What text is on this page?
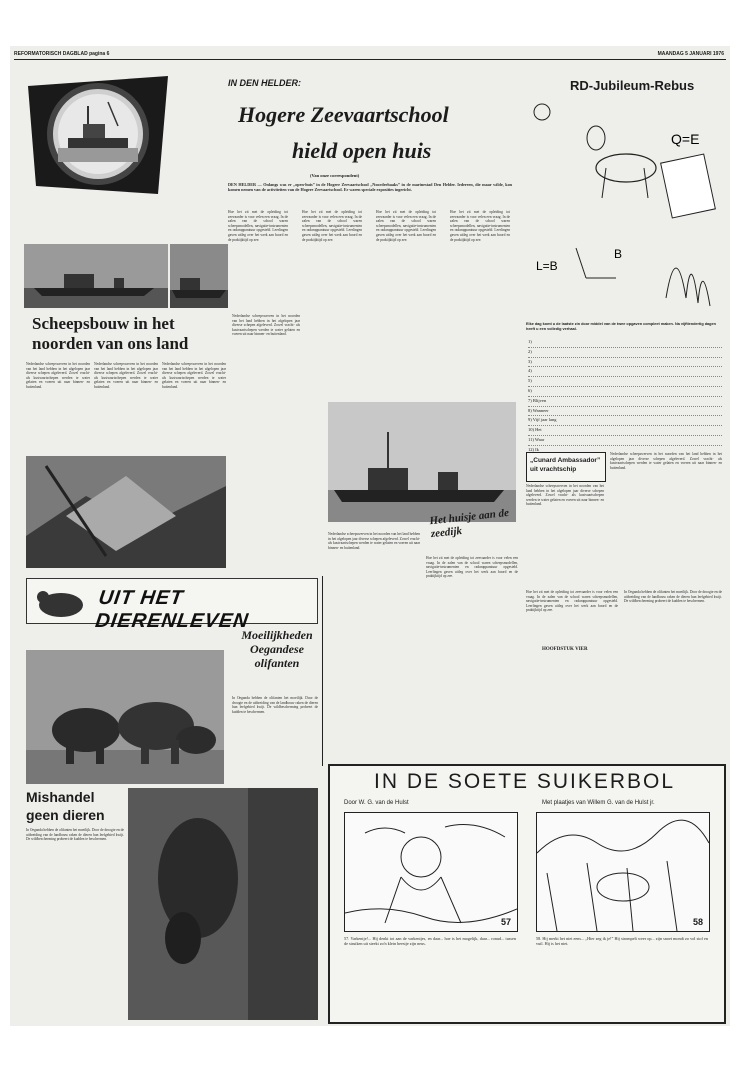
REFORMATORISCH DAGBLAD pagina 6	MAANDAG 5 JANUARI 1976
IN DEN HELDER:
Hogere Zeevaartschool
hield open huis
(Van onze correspondent)
DEN HELDER — Onlangs was er „open-huis” in de Hogere Zeevaartschool „Noorderhaaks” in de marinestad Den Helder. Iedereen, die maar wilde, kon komen nemen van de activiteiten van de Hogere Zeevaartschool. Er waren speciale exposities ingericht.
Hoe het zit met de opleiding tot zeevaarder is voor velen een vraag. In de zalen van de school waren scheepsmodellen, navigatie-instrumenten en radarapparatuur opgesteld. Leerlingen gaven uitleg over het werk aan boord en de praktijktijd op zee.
Hoe het zit met de opleiding tot zeevaarder is voor velen een vraag. In de zalen van de school waren scheepsmodellen, navigatie-instrumenten en radarapparatuur opgesteld. Leerlingen gaven uitleg over het werk aan boord en de praktijktijd op zee.
Hoe het zit met de opleiding tot zeevaarder is voor velen een vraag. In de zalen van de school waren scheepsmodellen, navigatie-instrumenten en radarapparatuur opgesteld. Leerlingen gaven uitleg over het werk aan boord en de praktijktijd op zee.
Hoe het zit met de opleiding tot zeevaarder is voor velen een vraag. In de zalen van de school waren scheepsmodellen, navigatie-instrumenten en radarapparatuur opgesteld. Leerlingen gaven uitleg over het werk aan boord en de praktijktijd op zee.
Scheepsbouw in het noorden van ons land
Nederlandse scheepswerven in het noorden van het land hebben in het afgelopen jaar diverse schepen afgeleverd. Zowel vracht- als kustvaartschepen werden te water gelaten en voeren uit naar binnen- en buitenland.
Nederlandse scheepswerven in het noorden van het land hebben in het afgelopen jaar diverse schepen afgeleverd. Zowel vracht- als kustvaartschepen werden te water gelaten en voeren uit naar binnen- en buitenland.
Nederlandse scheepswerven in het noorden van het land hebben in het afgelopen jaar diverse schepen afgeleverd. Zowel vracht- als kustvaartschepen werden te water gelaten en voeren uit naar binnen- en buitenland.
Nederlandse scheepswerven in het noorden van het land hebben in het afgelopen jaar diverse schepen afgeleverd. Zowel vracht- als kustvaartschepen werden te water gelaten en voeren uit naar binnen- en buitenland.
UIT HET DIERENLEVEN
Moeilijkheden Oegandese olifanten
In Oeganda hebben de olifanten het moeilijk. Door de droogte en de uitbreiding van de landbouw raken de dieren hun leefgebied kwijt. De wildbescherming probeert de kudden te beschermen.
Mishandel geen dieren
In Oeganda hebben de olifanten het moeilijk. Door de droogte en de uitbreiding van de landbouw raken de dieren hun leefgebied kwijt. De wildbescherming probeert de kudden te beschermen.
Nederlandse scheepswerven in het noorden van het land hebben in het afgelopen jaar diverse schepen afgeleverd. Zowel vracht- als kustvaartschepen werden te water gelaten en voeren uit naar binnen- en buitenland.
Hoe het zit met de opleiding tot zeevaarder is voor velen een vraag. In de zalen van de school waren scheepsmodellen, navigatie-instrumenten en radarapparatuur opgesteld. Leerlingen gaven uitleg over het werk aan boord en de praktijktijd op zee.
Het huisje aan de zeedijk
RD-Jubileum-Rebus
Q=E
L=B
B
Elke dag komt u de laatste zin door middel van de twee opgaven compleet maken. Na vijftiendertig dagen heeft u een volledig verhaal.
1)
2)
3)
4)
5)
6)
7) Blijven
8) Wanneer
9) Vijf jaar lang
10) Het
11) Waar
12) Ik
„Cunard Ambassador” uit vrachtschip
Nederlandse scheepswerven in het noorden van het land hebben in het afgelopen jaar diverse schepen afgeleverd. Zowel vracht- als kustvaartschepen werden te water gelaten en voeren uit naar binnen- en buitenland.
Nederlandse scheepswerven in het noorden van het land hebben in het afgelopen jaar diverse schepen afgeleverd. Zowel vracht- als kustvaartschepen werden te water gelaten en voeren uit naar binnen- en buitenland.
Hoe het zit met de opleiding tot zeevaarder is voor velen een vraag. In de zalen van de school waren scheepsmodellen, navigatie-instrumenten en radarapparatuur opgesteld. Leerlingen gaven uitleg over het werk aan boord en de praktijktijd op zee.
HOOFDSTUK VIER
In Oeganda hebben de olifanten het moeilijk. Door de droogte en de uitbreiding van de landbouw raken de dieren hun leefgebied kwijt. De wildbescherming probeert de kudden te beschermen.
IN DE SOETE SUIKERBOL
Door W. G. van de Hulst	Met plaatjes van Willem G. van de Hulst jr.
57	58
57. Varkentje!... Hij denkt tot aan de varkentjes, en daar... hoe is het mogelijk, daar... ronud... tussen de struiken uit steekt zo'n klein beestje zijn neus.
58. Hij merkt het niet eens... „Hier zeg ik je!” Hij strompelt weer op... zijn snoet mondt zo vol stof en vuil. Hij is het niet.
